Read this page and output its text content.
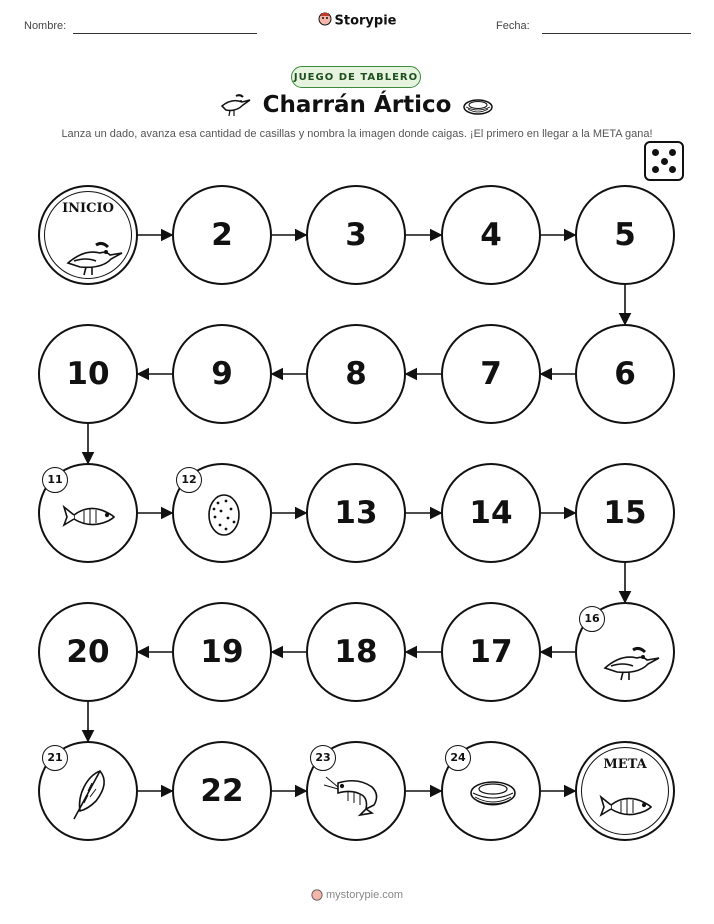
Nombre:	Storypie	Fecha:
JUEGO DE TABLERO
Charrán Ártico
Lanza un dado, avanza esa cantidad de casillas y nombra la imagen donde caigas. ¡El primero en llegar a la META gana!
INICIO
2	3	4	5
6
7
8
9
10
11	12
13	14	15
16
17
18
19
20
21
22
23	24	META
mystorypie.com
